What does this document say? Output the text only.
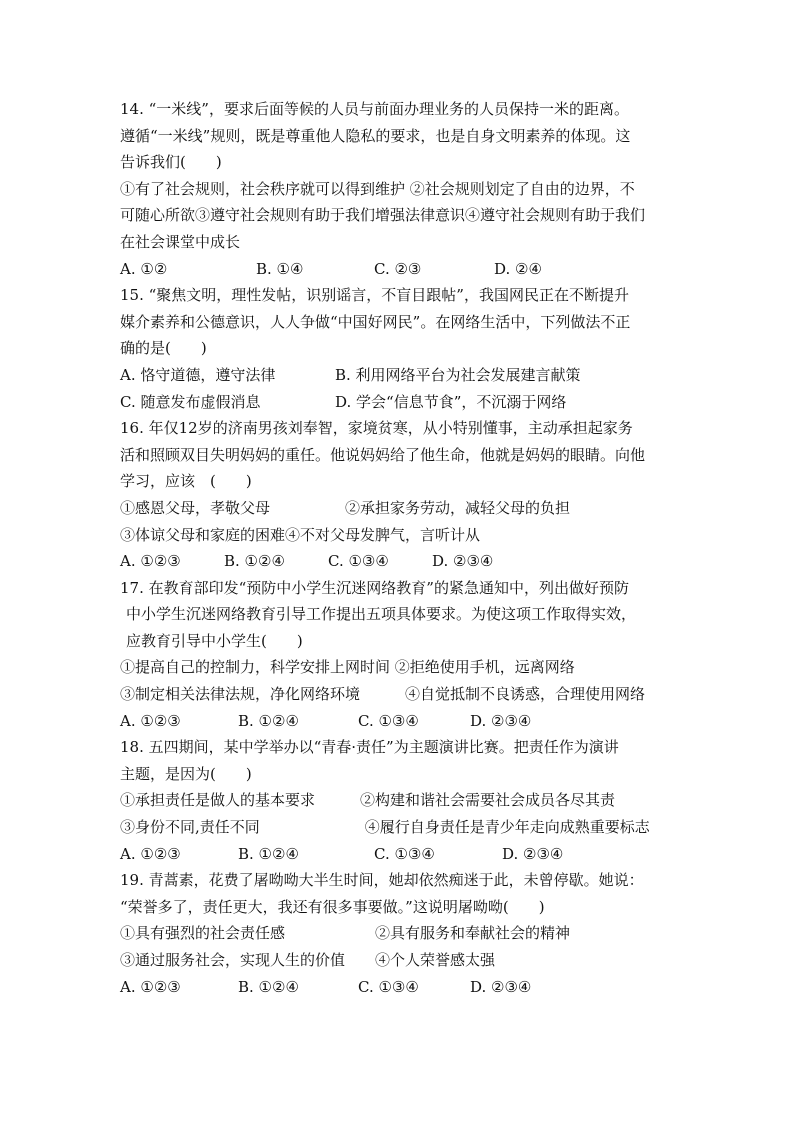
14. “一米线”，要求后面等候的人员与前面办理业务的人员保持一米的距离。
遵循“一米线”规则，既是尊重他人隐私的要求，也是自身文明素养的体现。这
告诉我们(　　)
①有了社会规则，社会秩序就可以得到维护 ②社会规则划定了自由的边界，不
可随心所欲③遵守社会规则有助于我们增强法律意识④遵守社会规则有助于我们
在社会课堂中成长
A. ①②	B. ①④	C. ②③	D. ②④
15. “聚焦文明，理性发帖，识别谣言，不盲目跟帖”，我国网民正在不断提升
媒介素养和公德意识，人人争做“中国好网民”。在网络生活中，下列做法不正
确的是(　　)
A. 恪守道德，遵守法律	B. 利用网络平台为社会发展建言献策
C. 随意发布虚假消息	D. 学会“信息节食”，不沉溺于网络
16. 年仅12岁的济南男孩刘奉智，家境贫寒，从小特别懂事，主动承担起家务
活和照顾双目失明妈妈的重任。他说妈妈给了他生命，他就是妈妈的眼睛。向他
学习，应该　(　　)
①感恩父母，孝敬父母　　　　　②承担家务劳动，减轻父母的负担
③体谅父母和家庭的困难④不对父母发脾气，言听计从
A. ①②③	B. ①②④	C. ①③④	D. ②③④
17. 在教育部印发“预防中小学生沉迷网络教育”的紧急通知中，列出做好预防
中小学生沉迷网络教育引导工作提出五项具体要求。为使这项工作取得实效，
应教育引导中小学生(　　)
①提高自己的控制力，科学安排上网时间 ②拒绝使用手机，远离网络
③制定相关法律法规，净化网络环境　　　④自觉抵制不良诱惑，合理使用网络
A. ①②③	B. ①②④	C. ①③④	D. ②③④
18. 五四期间，某中学举办以“青春·责任”为主题演讲比赛。把责任作为演讲
主题，是因为(　　)
①承担责任是做人的基本要求　　　②构建和谐社会需要社会成员各尽其责
③身份不同,责任不同　　　　　　　④履行自身责任是青少年走向成熟重要标志
A. ①②③	B. ①②④	C. ①③④	D. ②③④
19. 青蒿素，花费了屠呦呦大半生时间，她却依然痴迷于此，未曾停歇。她说：
“荣誉多了，责任更大，我还有很多事要做。”这说明屠呦呦(　　)
①具有强烈的社会责任感　　　　　　②具有服务和奉献社会的精神
③通过服务社会，实现人生的价值　　④个人荣誉感太强
A. ①②③	B. ①②④	C. ①③④	D. ②③④
